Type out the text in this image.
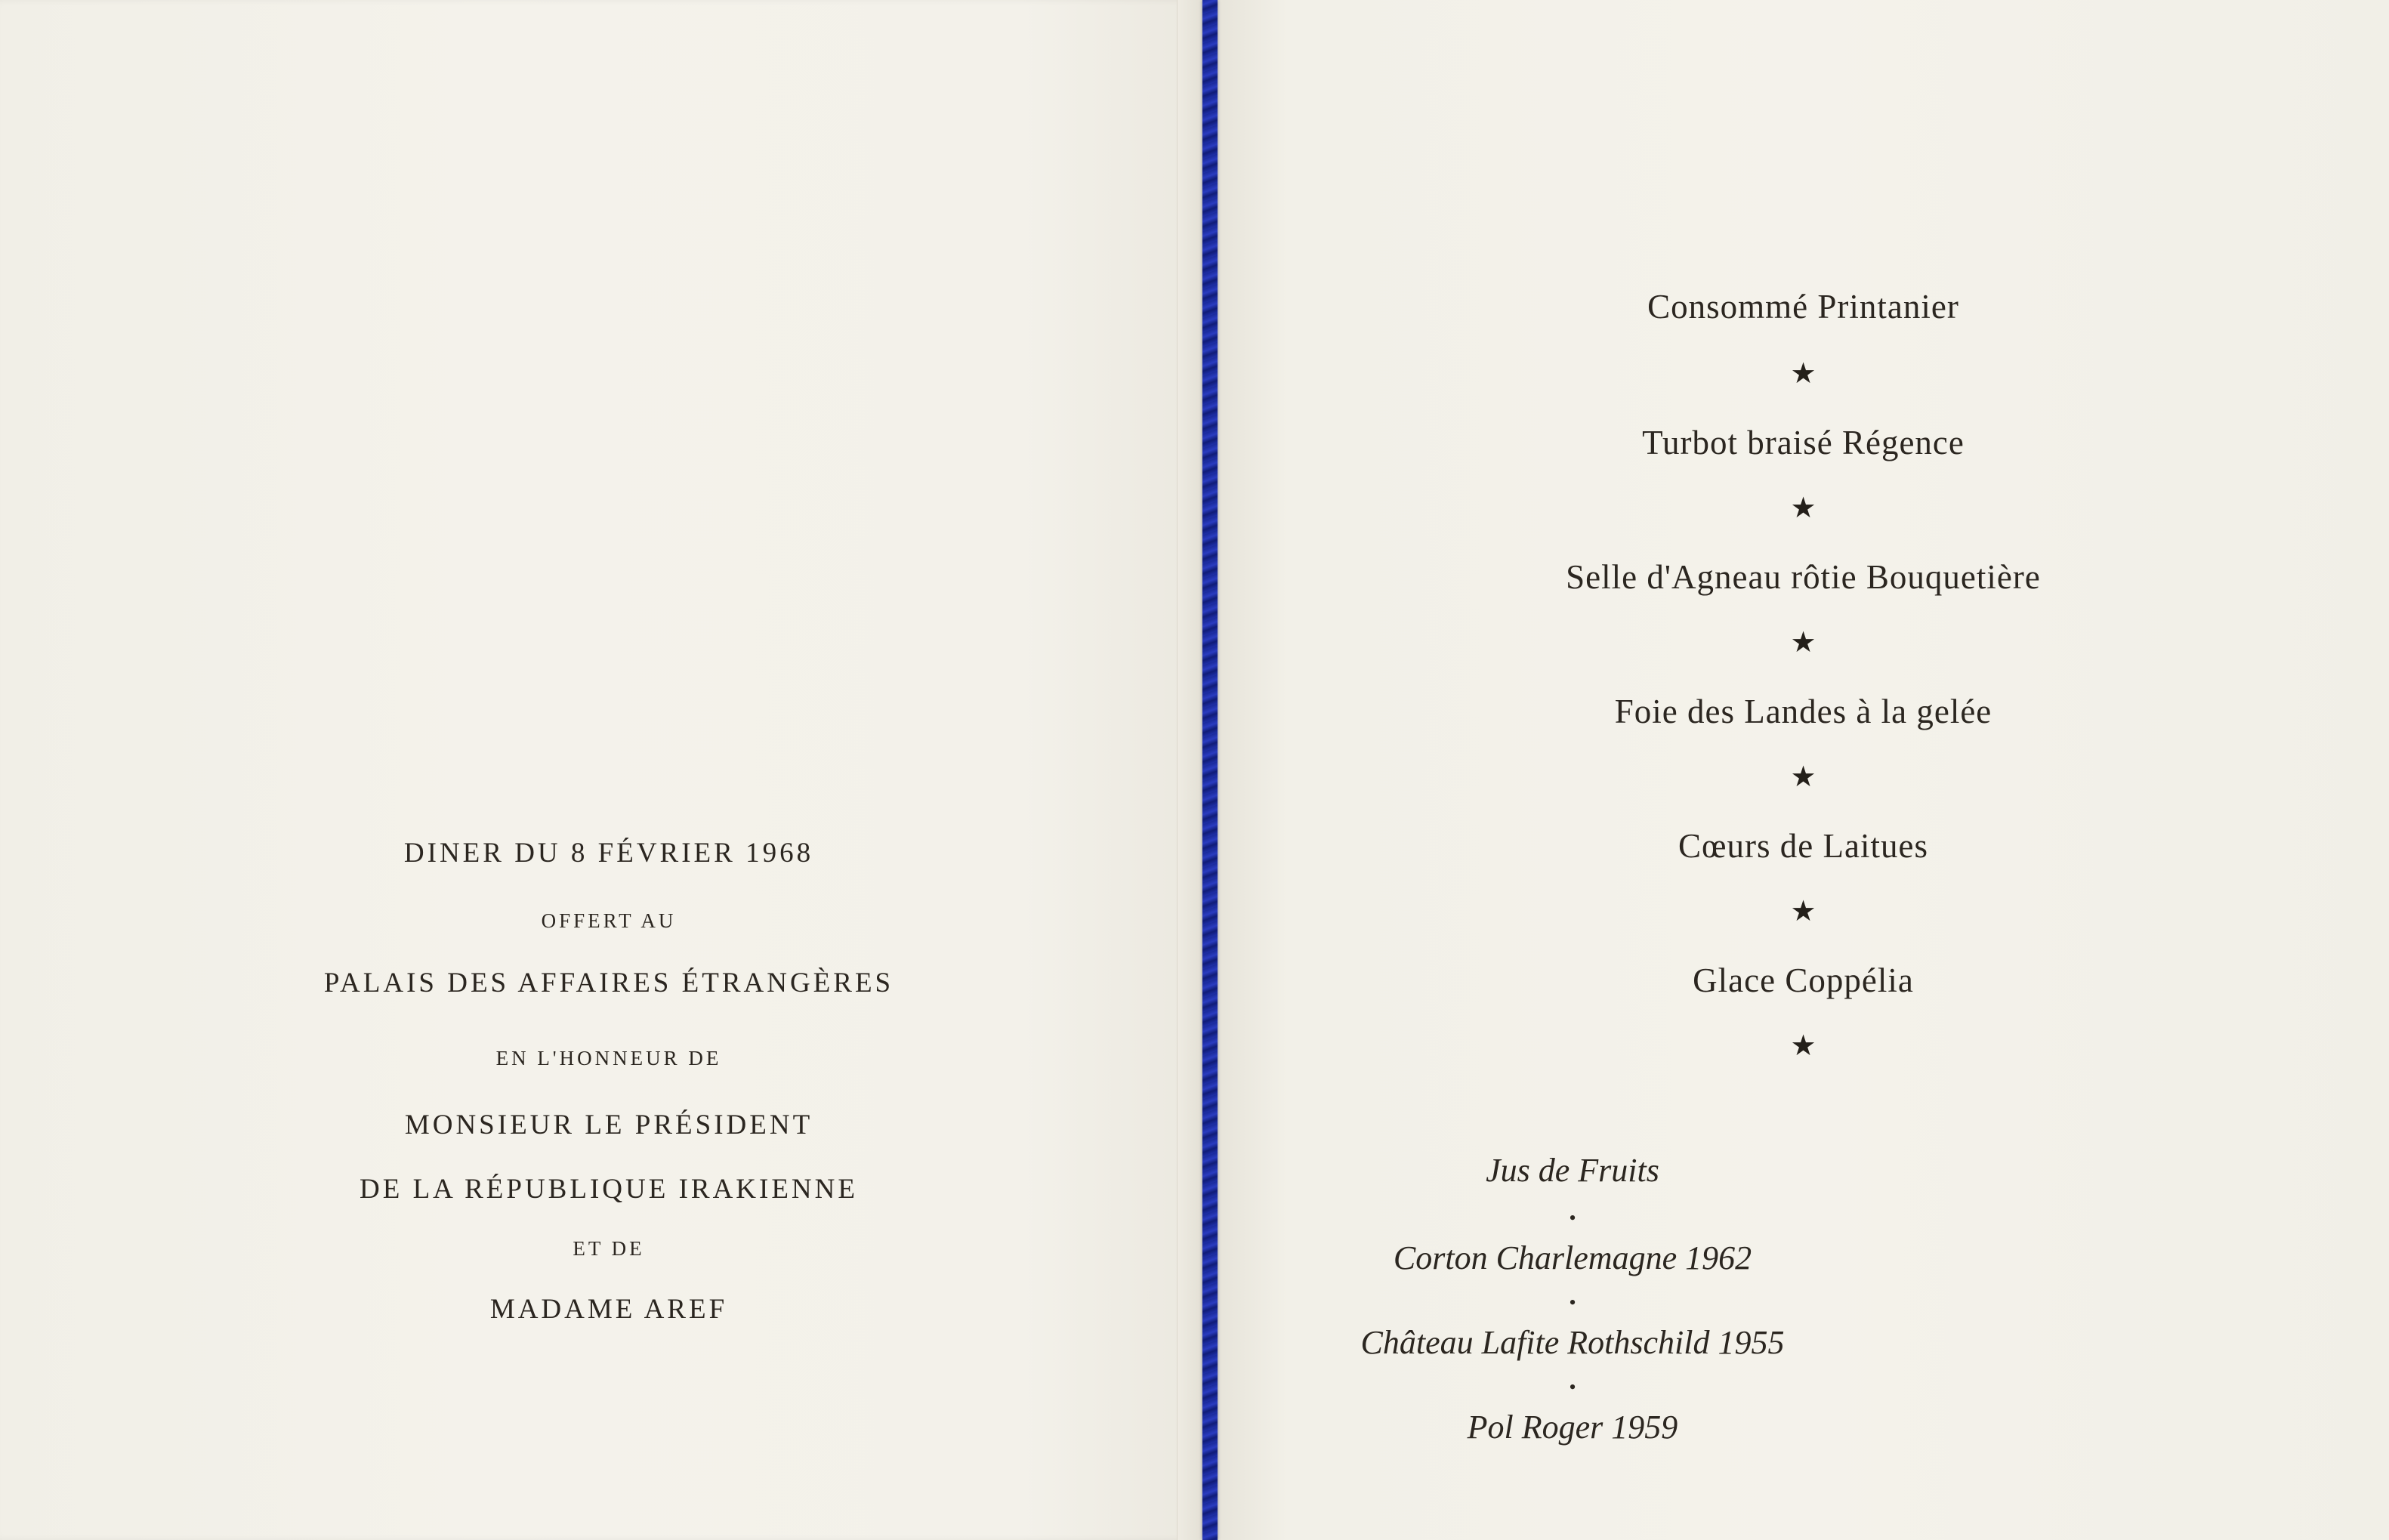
DINER DU 8 FÉVRIER 1968
OFFERT AU
PALAIS DES AFFAIRES ÉTRANGÈRES
EN L'HONNEUR DE
MONSIEUR LE PRÉSIDENT
DE LA RÉPUBLIQUE IRAKIENNE
ET DE
MADAME AREF
Consommé Printanier
★
Turbot braisé Régence
★
Selle d'Agneau rôtie Bouquetière
★
Foie des Landes à la gelée
★
Cœurs de Laitues
★
Glace Coppélia
★
Jus de Fruits
•
Corton Charlemagne 1962
•
Château Lafite Rothschild 1955
•
Pol Roger 1959
